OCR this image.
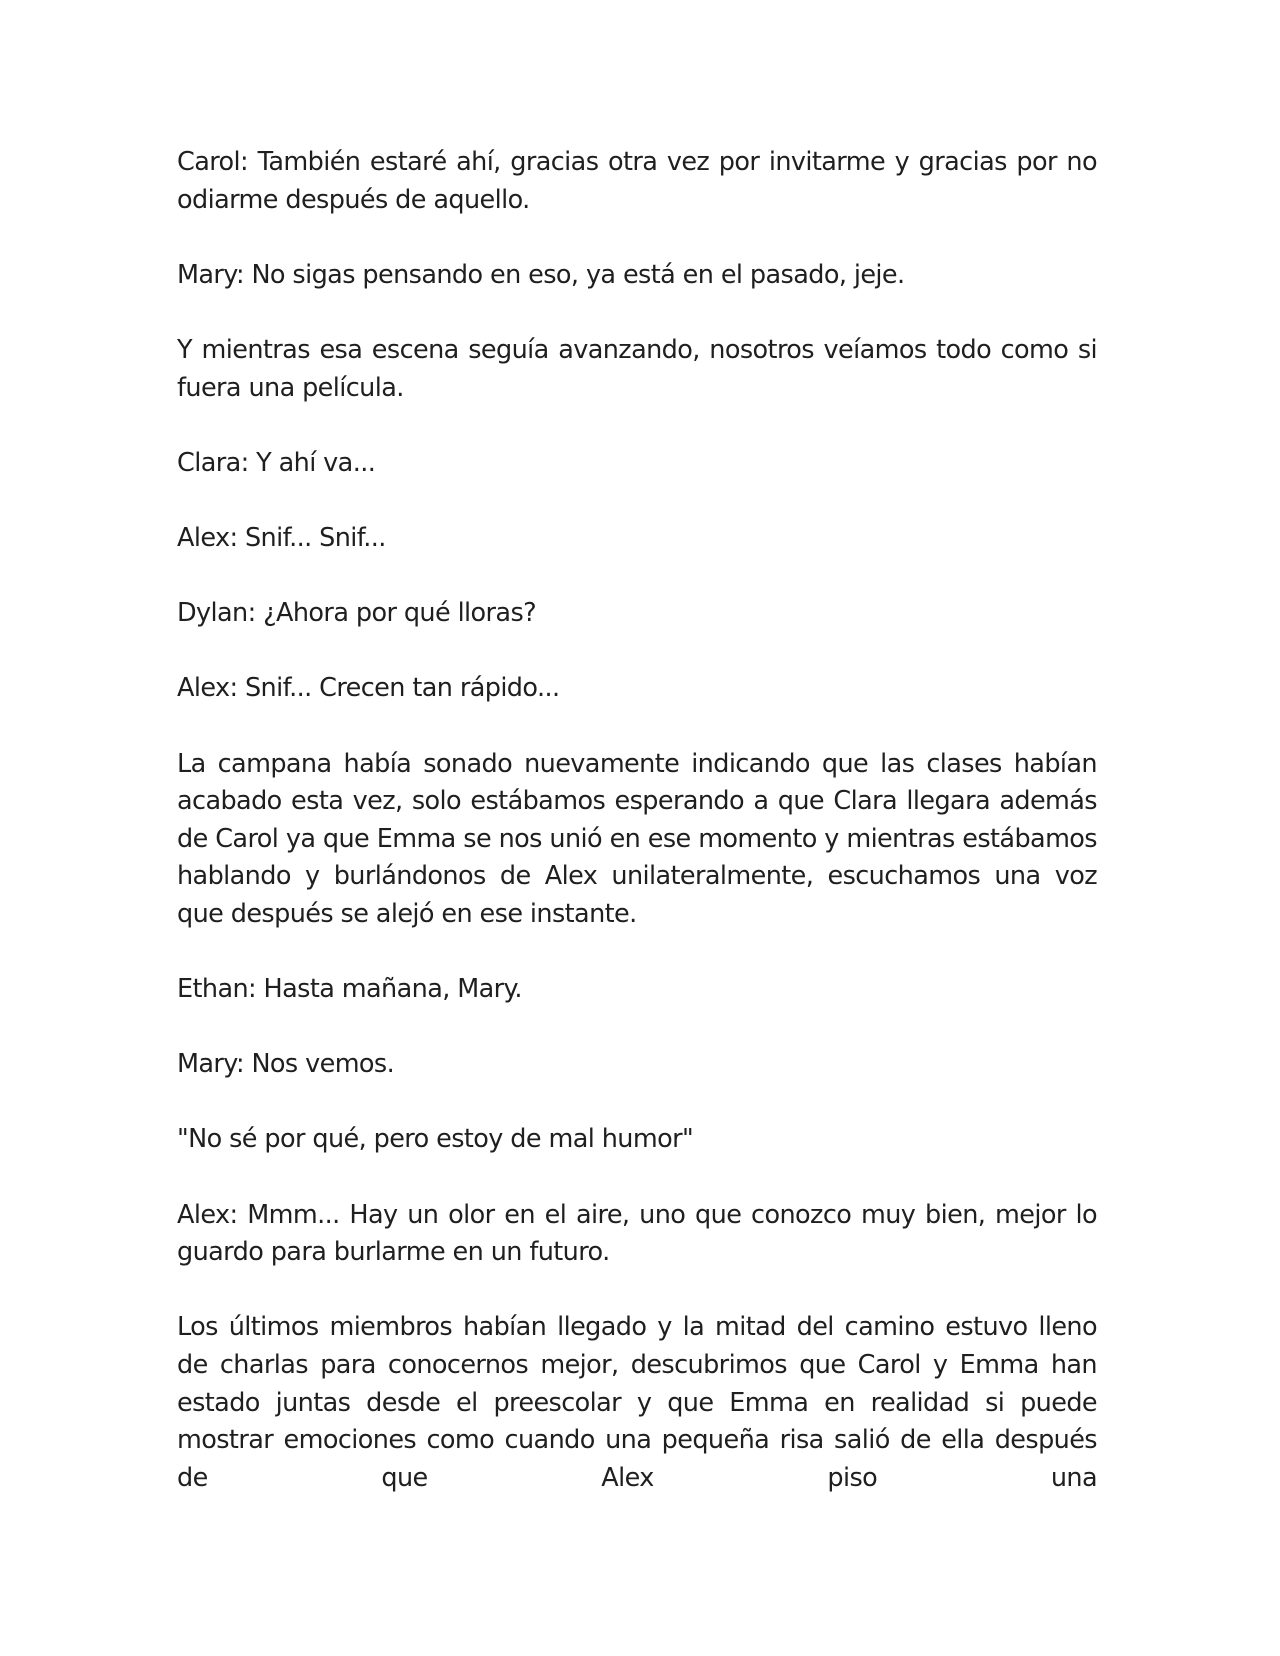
Carol: También estaré ahí, gracias otra vez por invitarme y gracias por no odiarme después de aquello.

Mary: No sigas pensando en eso, ya está en el pasado, jeje.

Y mientras esa escena seguía avanzando, nosotros veíamos todo como si fuera una película.

Clara: Y ahí va...

Alex: Snif... Snif...

Dylan: ¿Ahora por qué lloras?

Alex: Snif... Crecen tan rápido...

La campana había sonado nuevamente indicando que las clases habían acabado esta vez, solo estábamos esperando a que Clara llegara además de Carol ya que Emma se nos unió en ese momento y mientras estábamos hablando y burlándonos de Alex unilateralmente, escuchamos una voz que después se alejó en ese instante.

Ethan: Hasta mañana, Mary.

Mary: Nos vemos.

"No sé por qué, pero estoy de mal humor"

Alex: Mmm... Hay un olor en el aire, uno que conozco muy bien, mejor lo guardo para burlarme en un futuro.

Los últimos miembros habían llegado y la mitad del camino estuvo lleno de charlas para conocernos mejor, descubrimos que Carol y Emma han estado juntas desde el preescolar y que Emma en realidad si puede mostrar emociones como cuando una pequeña risa salió de ella después de que Alex piso una
